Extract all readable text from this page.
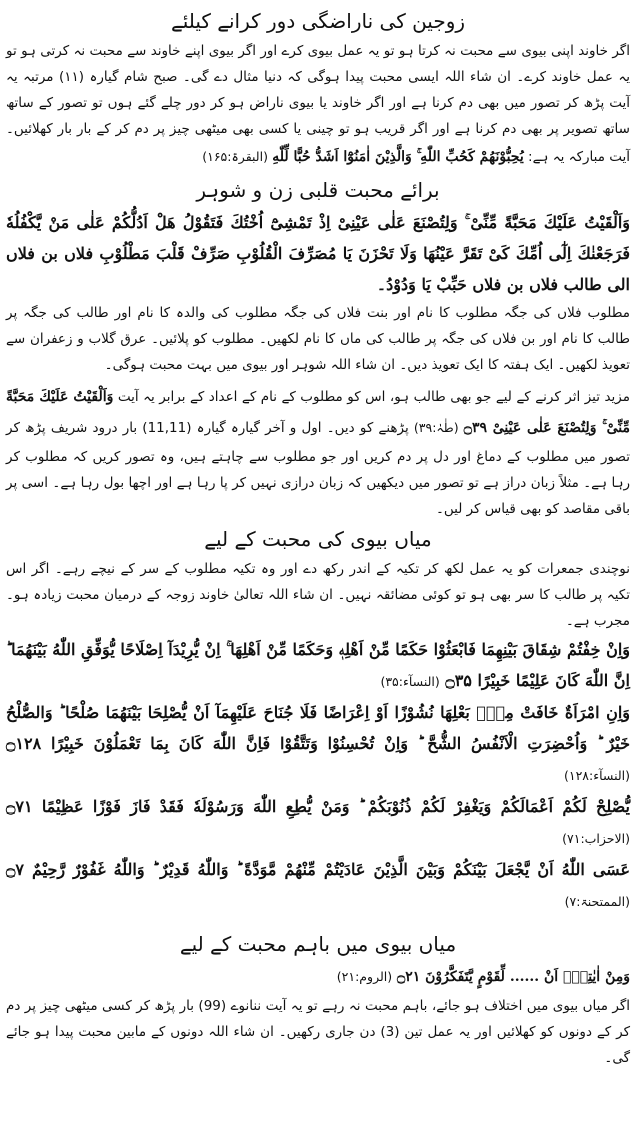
زوجین کی ناراضگی دور کرانے کیلئے

اگر خاوند اپنی بیوی سے محبت نہ کرتا ہو تو یہ عمل بیوی کرے اور اگر بیوی اپنے خاوند سے محبت نہ کرتی ہو تو یہ عمل خاوند کرے۔ ان شاء اللہ ایسی محبت پیدا ہوگی کہ دنیا مثال دے گی۔ صبح شام گیارہ (۱۱) مرتبہ یہ آیت پڑھ کر تصور میں بھی دم کرنا ہے اور اگر خاوند یا بیوی ناراض ہو کر دور چلے گئے ہوں تو تصور کے ساتھ ساتھ تصویر پر بھی دم کرنا ہے اور اگر قریب ہو تو چینی یا کسی بھی میٹھی چیز پر دم کر کے بار بار کھلائیں۔ آیت مبارکہ یہ ہے: یُحِبُّوْنَهُمْ كَحُبِّ اللّٰهِ ۚ وَالَّذِیْنَ اٰمَنُوْٓا اَشَدُّ حُبًّا لِّلّٰهِ (البقرۃ:۱۶۵)

برائے محبت قلبی زن و شوہر

وَاَلْقَیْتُ عَلَیْكَ مَحَبَّةً مِّنِّیْ ۚ وَلِتُصْنَعَ عَلٰی عَیْنِیْ اِذْ تَمْشِیْٓ اُخْتُكَ فَتَقُوْلُ هَلْ اَدُلُّكُمْ عَلٰی مَنْ یَّكْفُلُهٗ فَرَجَعْنٰكَ اِلٰٓی اُمِّكَ كَیْ تَقَرَّ عَیْنُهَا وَلَا تَحْزَنَ یَا مُصَرِّفَ الْقُلُوْبِ صَرِّفْ قَلْبَ مَطْلُوْبِ فلاں بن فلاں الی طالب فلاں بن فلاں حَبِّبْ یَا وَدُوْدُ۔

مطلوب فلاں کی جگہ مطلوب کا نام اور بنت فلاں کی جگہ مطلوب کی والدہ کا نام اور طالب کی جگہ پر طالب کا نام اور بن فلاں کی جگہ پر طالب کی ماں کا نام لکھیں۔ مطلوب کو پلائیں۔ عرق گلاب و زعفران سے تعویذ لکھیں۔ ایک ہفتہ کا ایک تعویذ دیں۔ ان شاء اللہ شوہر اور بیوی میں بہت محبت ہوگی۔

مزید تیز اثر کرنے کے لیے جو بھی طالب ہو، اس کو مطلوب کے نام کے اعداد کے برابر یہ آیت وَاَلْقَیْتُ عَلَیْكَ مَحَبَّةً مِّنِّیْ ۚ وَلِتُصْنَعَ عَلٰی عَیْنِیْ ۝۳۹ (طٰہٰ:۳۹) پڑھنے کو دیں۔ اول و آخر گیارہ گیارہ (11,11) بار درود شریف پڑھ کر تصور میں مطلوب کے دماغ اور دل پر دم کریں اور جو مطلوب سے چاہتے ہیں، وہ تصور کریں کہ مطلوب کر رہا ہے۔ مثلاً زبان دراز ہے تو تصور میں دیکھیں کہ زبان درازی نہیں کر پا رہا ہے اور اچھا بول رہا ہے۔ اسی پر باقی مقاصد کو بھی قیاس کر لیں۔

میاں بیوی کی محبت کے لیے

نوچندی جمعرات کو یہ عمل لکھ کر تکیہ کے اندر رکھ دے اور وہ تکیہ مطلوب کے سر کے نیچے رہے۔ اگر اس تکیہ پر طالب کا سر بھی ہو تو کوئی مضائقہ نہیں۔ ان شاء اللہ تعالیٰ خاوند زوجہ کے درمیان محبت زیادہ ہو۔ مجرب ہے۔

وَاِنْ خِفْتُمْ شِقَاقَ بَیْنِهِمَا فَابْعَثُوْا حَكَمًا مِّنْ اَهْلِهٖ وَحَكَمًا مِّنْ اَهْلِهَا ۚ اِنْ یُّرِیْدَآ اِصْلَاحًا یُّوَفِّقِ اللّٰهُ بَیْنَهُمَا ؕ اِنَّ اللّٰهَ كَانَ عَلِیْمًا خَبِیْرًا ۝۳۵ (النسآء:۳۵)

وَاِنِ امْرَاَةٌ خَافَتْ مِنْۢ بَعْلِهَا نُشُوْزًا اَوْ اِعْرَاضًا فَلَا جُنَاحَ عَلَیْهِمَآ اَنْ یُّصْلِحَا بَیْنَهُمَا صُلْحًا ؕ وَالصُّلْحُ خَیْرٌ ؕ وَاُحْضِرَتِ الْاَنْفُسُ الشُّحَّ ؕ وَاِنْ تُحْسِنُوْا وَتَتَّقُوْا فَاِنَّ اللّٰهَ كَانَ بِمَا تَعْمَلُوْنَ خَبِیْرًا ۝۱۲۸ (النسآء:۱۲۸)

یُّصْلِحْ لَكُمْ اَعْمَالَكُمْ وَیَغْفِرْ لَكُمْ ذُنُوْبَكُمْ ؕ وَمَنْ یُّطِعِ اللّٰهَ وَرَسُوْلَهٗ فَقَدْ فَازَ فَوْزًا عَظِیْمًا ۝۷۱ (الاحزاب:۷۱)

عَسَى اللّٰهُ اَنْ یَّجْعَلَ بَیْنَكُمْ وَبَیْنَ الَّذِیْنَ عَادَیْتُمْ مِّنْهُمْ مَّوَدَّةً ؕ وَاللّٰهُ قَدِیْرٌ ؕ وَاللّٰهُ غَفُوْرٌ رَّحِیْمٌ ۝۷ (الممتحنۃ:۷)

میاں بیوی میں باہم محبت کے لیے

وَمِنْ اٰیٰتِهٖٓ اَنْ ...... لِّقَوْمٍ یَّتَفَكَّرُوْنَ ۝۲۱ (الروم:۲۱)

اگر میاں بیوی میں اختلاف ہو جائے، باہم محبت نہ رہے تو یہ آیت ننانوے (99) بار پڑھ کر کسی میٹھی چیز پر دم کر کے دونوں کو کھلائیں اور یہ عمل تین (3) دن جاری رکھیں۔ ان شاء اللہ دونوں کے مابین محبت پیدا ہو جائے گی۔
